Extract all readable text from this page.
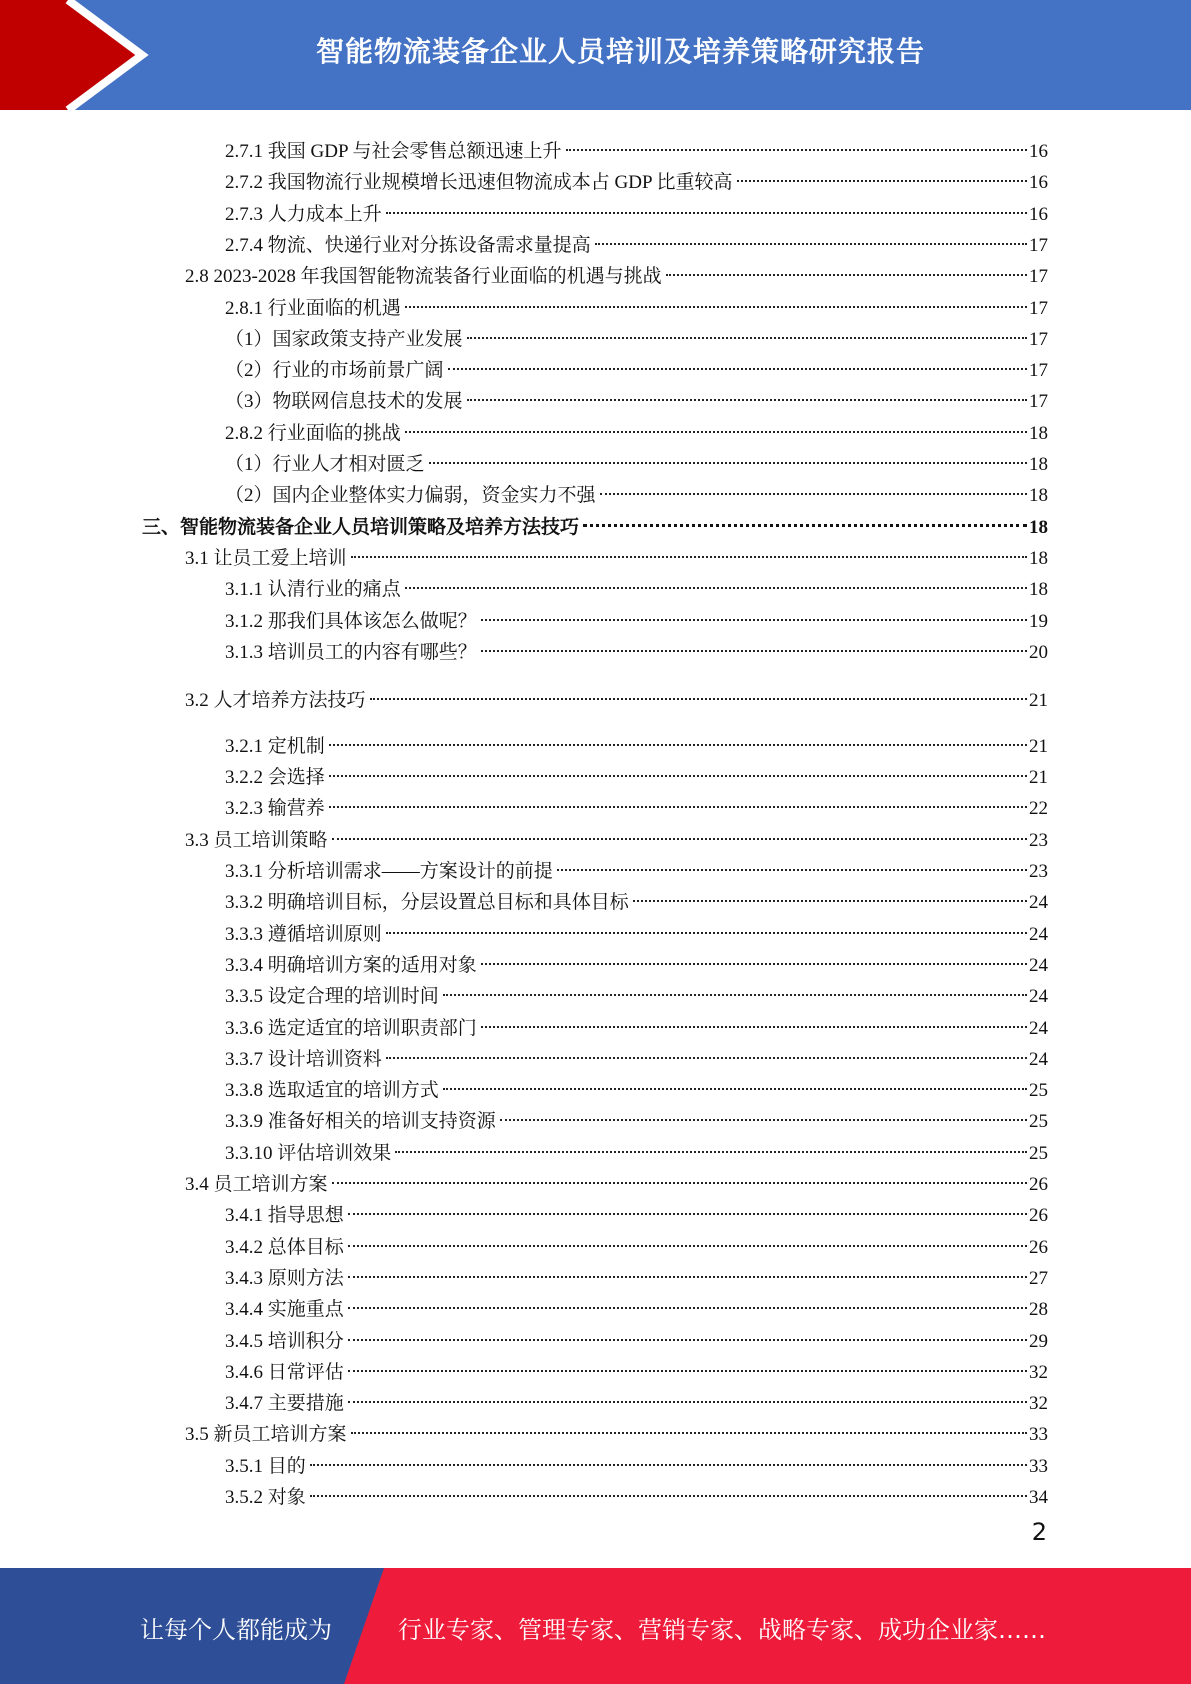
智能物流装备企业人员培训及培养策略研究报告
2.7.1 我国 GDP 与社会零售总额迅速上升	16
2.7.2 我国物流行业规模增长迅速但物流成本占 GDP 比重较高	16
2.7.3 人力成本上升	16
2.7.4 物流、快递行业对分拣设备需求量提高	17
2.8 2023-2028 年我国智能物流装备行业面临的机遇与挑战	17
2.8.1 行业面临的机遇	17
（1）国家政策支持产业发展	17
（2）行业的市场前景广阔	17
（3）物联网信息技术的发展	17
2.8.2 行业面临的挑战	18
（1）行业人才相对匮乏	18
（2）国内企业整体实力偏弱，资金实力不强	18
三、智能物流装备企业人员培训策略及培养方法技巧	18
3.1 让员工爱上培训	18
3.1.1 认清行业的痛点	18
3.1.2 那我们具体该怎么做呢？	19
3.1.3 培训员工的内容有哪些？	20
3.2 人才培养方法技巧	21
3.2.1 定机制	21
3.2.2 会选择	21
3.2.3 输营养	22
3.3 员工培训策略	23
3.3.1 分析培训需求——方案设计的前提	23
3.3.2 明确培训目标，分层设置总目标和具体目标	24
3.3.3 遵循培训原则	24
3.3.4 明确培训方案的适用对象	24
3.3.5 设定合理的培训时间	24
3.3.6 选定适宜的培训职责部门	24
3.3.7 设计培训资料	24
3.3.8 选取适宜的培训方式	25
3.3.9 准备好相关的培训支持资源	25
3.3.10 评估培训效果	25
3.4 员工培训方案	26
3.4.1 指导思想	26
3.4.2 总体目标	26
3.4.3 原则方法	27
3.4.4 实施重点	28
3.4.5 培训积分	29
3.4.6 日常评估	32
3.4.7 主要措施	32
3.5 新员工培训方案	33
3.5.1 目的	33
3.5.2 对象	34
2
让每个人都能成为	行业专家、管理专家、营销专家、战略专家、成功企业家……
